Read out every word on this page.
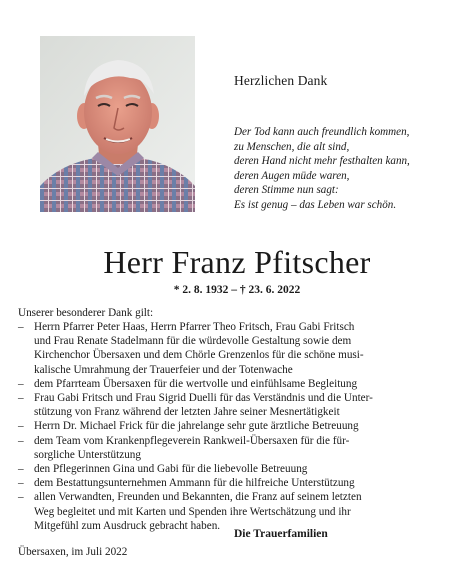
Herzlichen Dank
Der Tod kann auch freundlich kommen,
zu Menschen, die alt sind,
deren Hand nicht mehr festhalten kann,
deren Augen müde waren,
deren Stimme nun sagt:
Es ist genug – das Leben war schön.
Herr Franz Pfitscher
* 2. 8. 1932 – † 23. 6. 2022
Unserer besonderer Dank gilt:
– Herrn Pfarrer Peter Haas, Herrn Pfarrer Theo Fritsch, Frau Gabi Fritsch
und Frau Renate Stadelmann für die würdevolle Gestaltung sowie dem
Kirchenchor Übersaxen und dem Chörle Grenzenlos für die schöne musi-
kalische Umrahmung der Trauerfeier und der Totenwache
– dem Pfarrteam Übersaxen für die wertvolle und einfühlsame Begleitung
– Frau Gabi Fritsch und Frau Sigrid Duelli für das Verständnis und die Unter-
stützung von Franz während der letzten Jahre seiner Mesnertätigkeit
– Herrn Dr. Michael Frick für die jahrelange sehr gute ärztliche Betreuung
– dem Team vom Krankenpflegeverein Rankweil-Übersaxen für die für-
sorgliche Unterstützung
– den Pflegerinnen Gina und Gabi für die liebevolle Betreuung
– dem Bestattungsunternehmen Ammann für die hilfreiche Unterstützung
– allen Verwandten, Freunden und Bekannten, die Franz auf seinem letzten
Weg begleitet und mit Karten und Spenden ihre Wertschätzung und ihr
Mitgefühl zum Ausdruck gebracht haben.
Die Trauerfamilien
Übersaxen, im Juli 2022
